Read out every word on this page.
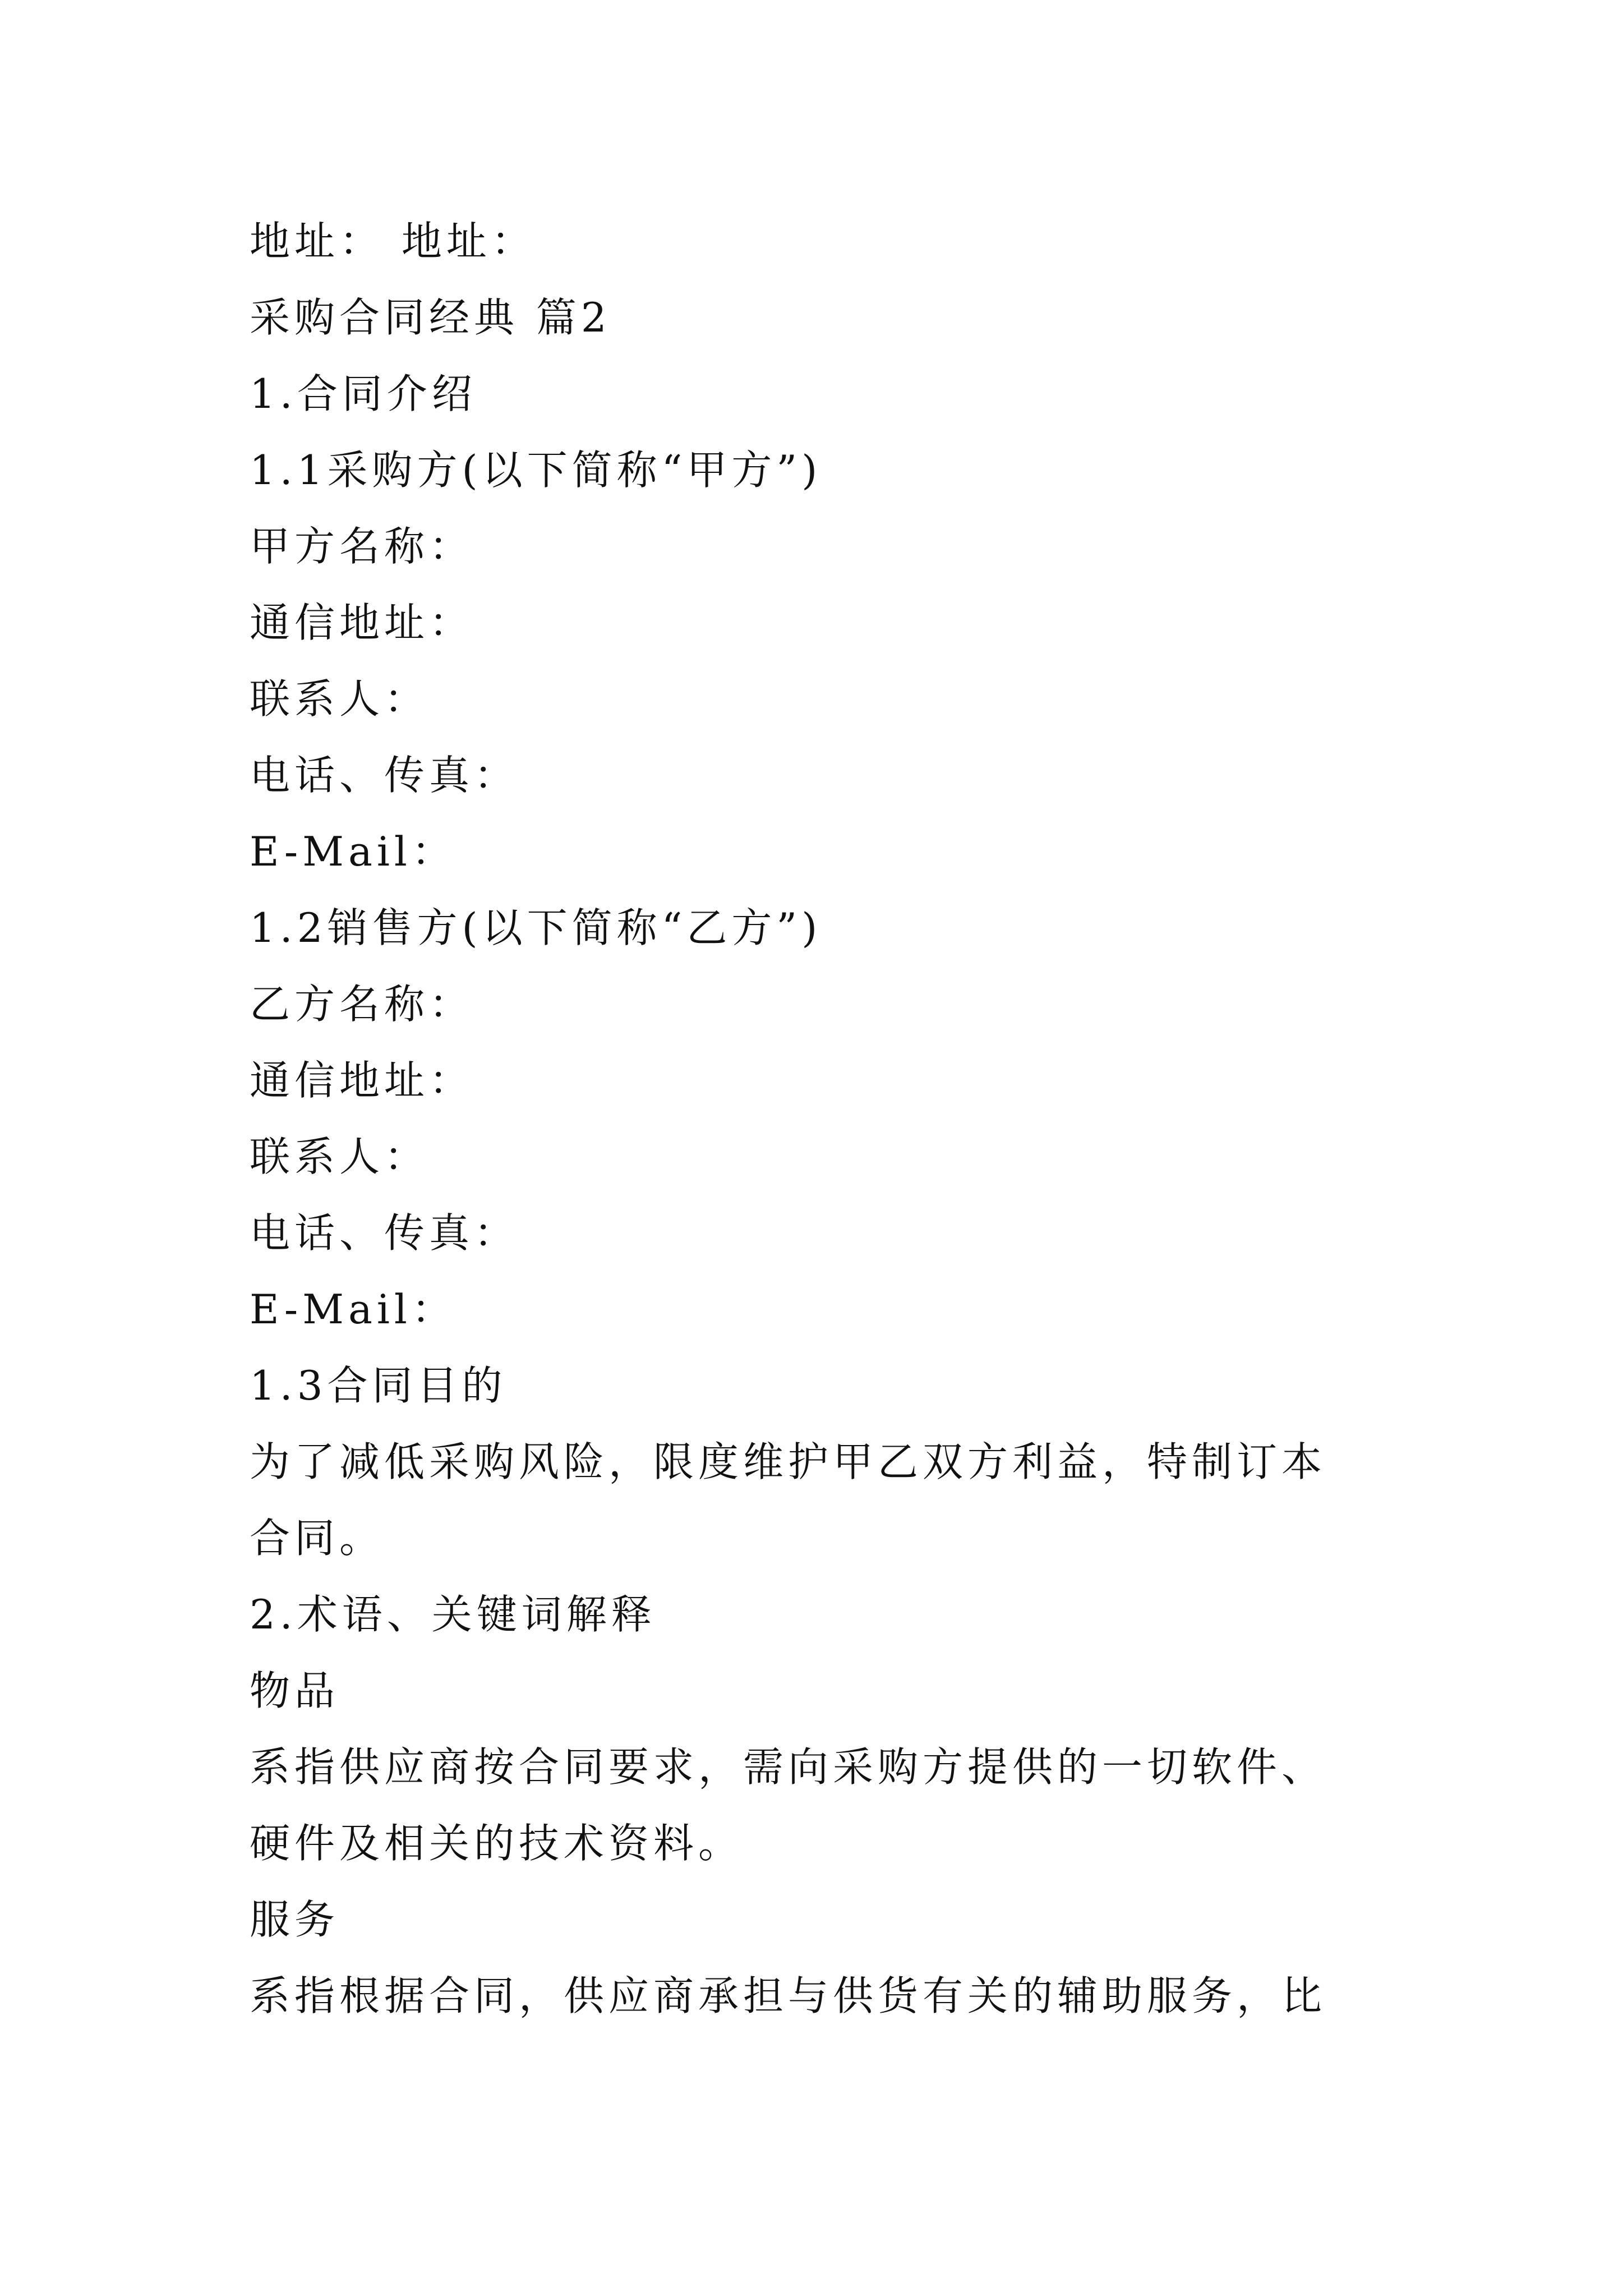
地址： 地址：
采购合同经典 篇2
1.合同介绍
1.1采购方(以下简称“甲方”)
甲方名称：
通信地址：
联系人：
电话、传真：
E-Mail：
1.2销售方(以下简称“乙方”)
乙方名称：
通信地址：
联系人：
电话、传真：
E-Mail：
1.3合同目的
为了减低采购风险，限度维护甲乙双方利益，特制订本
合同。
2.术语、关键词解释
物品
系指供应商按合同要求，需向采购方提供的一切软件、
硬件及相关的技术资料。
服务
系指根据合同，供应商承担与供货有关的辅助服务，比
